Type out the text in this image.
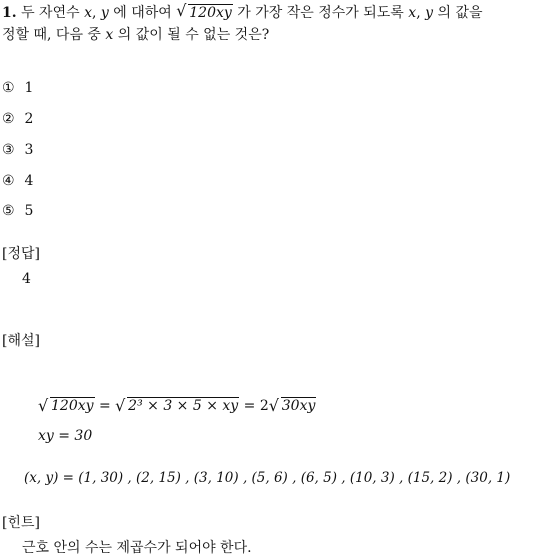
1. 두 자연수 x, y 에 대하여 √ 120xy 가 가장 작은 정수가 되도록 x, y 의 값을
정할 때, 다음 중 x 의 값이 될 수 없는 것은?
① 1
② 2
③ 3
④ 4
⑤ 5
[정답]
4
[해설]
√ 120xy = √ 2³ × 3 × 5 × xy = 2 √ 30xy
xy = 30
(x, y) = (1, 30) , (2, 15) , (3, 10) , (5, 6) , (6, 5) , (10, 3) , (15, 2) , (30, 1)
[힌트]
근호 안의 수는 제곱수가 되어야 한다.
